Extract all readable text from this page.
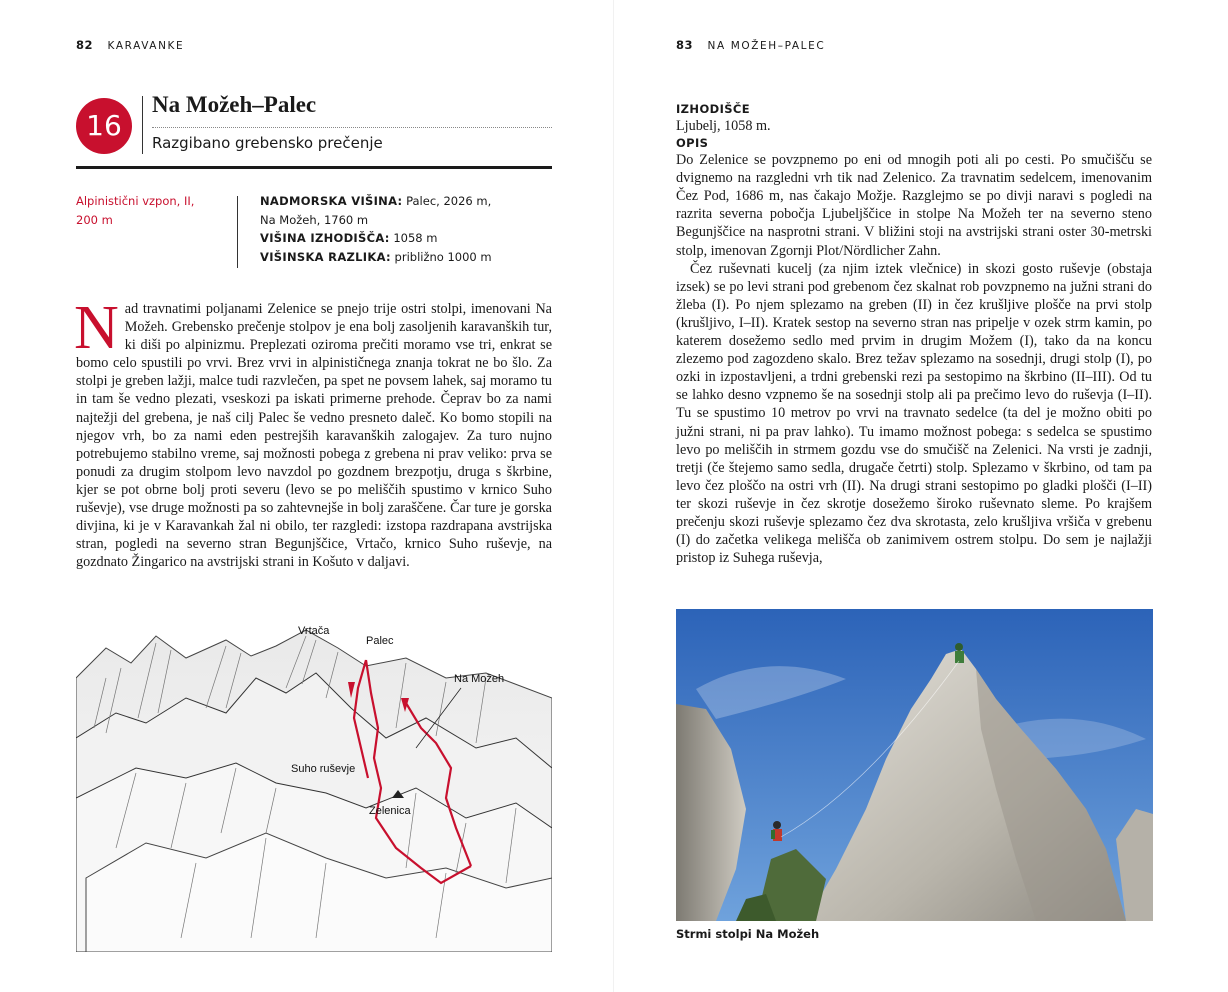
82 KARAVANKE
16
Na Možeh–Palec
Razgibano grebensko prečenje
Alpinistični vzpon, II,
200 m
NADMORSKA VIŠINA: Palec, 2026 m,
Na Možeh, 1760 m
VIŠINA IZHODIŠČA: 1058 m
VIŠINSKA RAZLIKA: približno 1000 m
Nad travnatimi poljanami Zelenice se pnejo trije ostri stolpi, imenovani Na Možeh. Grebensko prečenje stolpov je ena bolj zasoljenih karavanških tur, ki diši po alpinizmu. Preplezati oziroma prečiti moramo vse tri, enkrat se bomo celo spustili po vrvi. Brez vrvi in alpinističnega znanja tokrat ne bo šlo. Za stolpi je greben lažji, malce tudi razvlečen, pa spet ne povsem lahek, saj moramo tu in tam še vedno plezati, vseskozi pa iskati primerne prehode. Čeprav bo za nami najtežji del grebena, je naš cilj Palec še vedno presneto daleč. Ko bomo stopili na njegov vrh, bo za nami eden pestrejših karavanških zalogajev. Za turo nujno potrebujemo stabilno vreme, saj možnosti pobega z grebena ni prav veliko: prva se ponudi za drugim stolpom levo navzdol po gozdnem brezpotju, druga s škrbine, kjer se pot obrne bolj proti severu (levo se po meliščih spustimo v krnico Suho ruševje), vse druge možnosti pa so zahtevnejše in bolj zaraščene. Čar ture je gorska divjina, ki je v Karavankah žal ni obilo, ter razgledi: izstopa razdrapana avstrijska stran, pogledi na severno stran Begunjščice, Vrtačo, krnico Suho ruševje, na gozdnato Žingarico na avstrijski strani in Košuto v daljavi.
Vrtača
Palec
Na Možeh
Suho ruševje
Zelenica
83 NA MOŽEH–PALEC
IZHODIŠČE

Ljubelj, 1058 m.

OPIS

Do Zelenice se povzpnemo po eni od mnogih poti ali po cesti. Po smučišču se dvignemo na razgledni vrh tik nad Zelenico. Za travnatim sedelcem, imenovanim Čez Pod, 1686 m, nas čakajo Možje. Razglejmo se po divji naravi s pogledi na razrita severna pobočja Ljubeljščice in stolpe Na Možeh ter na severno steno Begunjščice na nasprotni strani. V bližini stoji na avstrijski strani oster 30-metrski stolp, imenovan Zgornji Plot/Nördlicher Zahn.

Čez ruševnati kucelj (za njim iztek vlečnice) in skozi gosto ruševje (obstaja izsek) se po levi strani pod grebenom čez skalnat rob povzpnemo na južni strani do žleba (I). Po njem splezamo na greben (II) in čez krušljive plošče na prvi stolp (krušljivo, I–II). Kratek sestop na severno stran nas pripelje v ozek strm kamin, po katerem dosežemo sedlo med prvim in drugim Možem (I), tako da na koncu zlezemo pod zagozdeno skalo. Brez težav splezamo na sosednji, drugi stolp (I), po ozki in izpostavljeni, a trdni grebenski rezi pa sestopimo na škrbino (II–III). Od tu se lahko desno vzpnemo še na sosednji stolp ali pa prečimo levo do ruševja (I–II). Tu se spustimo 10 metrov po vrvi na travnato sedelce (ta del je možno obiti po južni strani, ni pa prav lahko). Tu imamo možnost pobega: s sedelca se spustimo levo po meliščih in strmem gozdu vse do smučišč na Zelenici. Na vrsti je zadnji, tretji (če štejemo samo sedla, drugače četrti) stolp. Splezamo v škrbino, od tam pa levo čez ploščo na ostri vrh (II). Na drugi strani sestopimo po gladki plošči (I–II) ter skozi ruševje in čez skrotje dosežemo široko ruševnato sleme. Po krajšem prečenju skozi ruševje splezamo čez dva skrotasta, zelo krušljiva vršiča v grebenu (I) do začetka velikega melišča ob zanimivem ostrem stolpu. Do sem je najlažji pristop iz Suhega ruševja,

Strmi stolpi Na Možeh
